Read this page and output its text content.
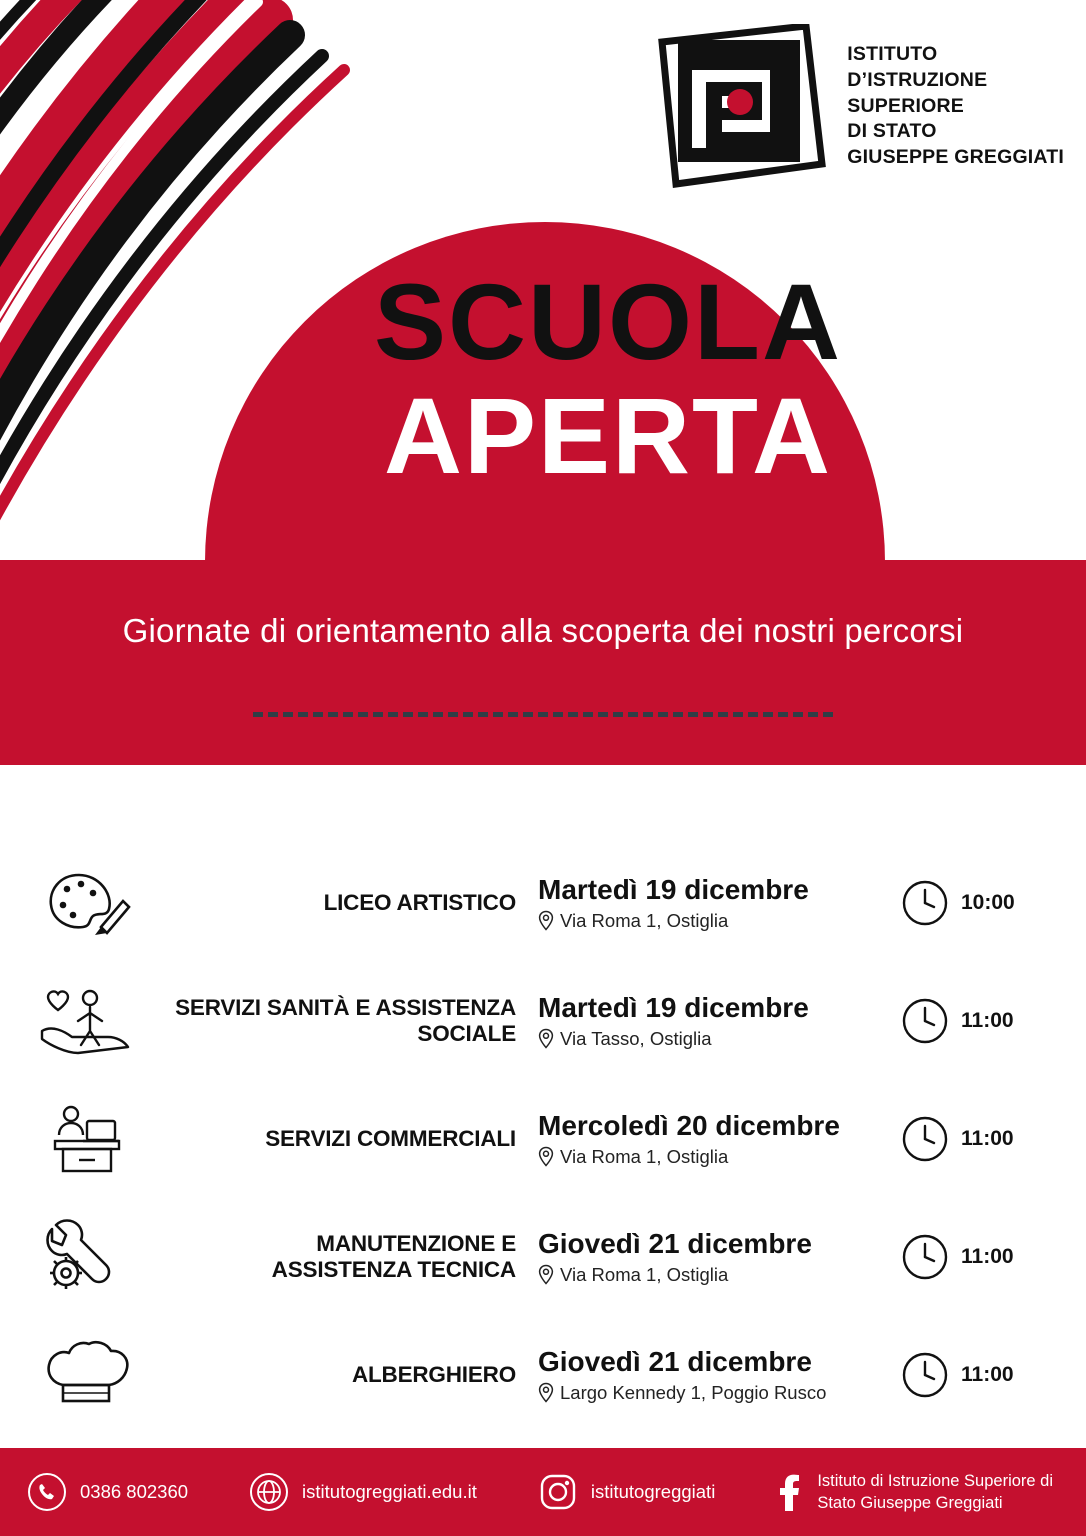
ISTITUTO
D’ISTRUZIONE
SUPERIORE
DI STATO
GIUSEPPE GREGGIATI
SCUOLA
APERTA
Giornate di orientamento alla scoperta dei nostri percorsi
LICEO ARTISTICO Martedì 19 dicembre
Via Roma 1, Ostiglia
10:00
SERVIZI SANITÀ E ASSISTENZA SOCIALE
Martedì 19 dicembre
Via Tasso, Ostiglia
11:00
SERVIZI COMMERCIALI Mercoledì 20 dicembre
Via Roma 1, Ostiglia
11:00
MANUTENZIONE E ASSISTENZA TECNICA
Giovedì 21 dicembre
Via Roma 1, Ostiglia
11:00
ALBERGHIERO Giovedì 21 dicembre
Largo Kennedy 1, Poggio Rusco
11:00
0386 802360	istitutogreggiati.edu.it	istitutogreggiati
Istituto di Istruzione Superiore di
Stato Giuseppe Greggiati
